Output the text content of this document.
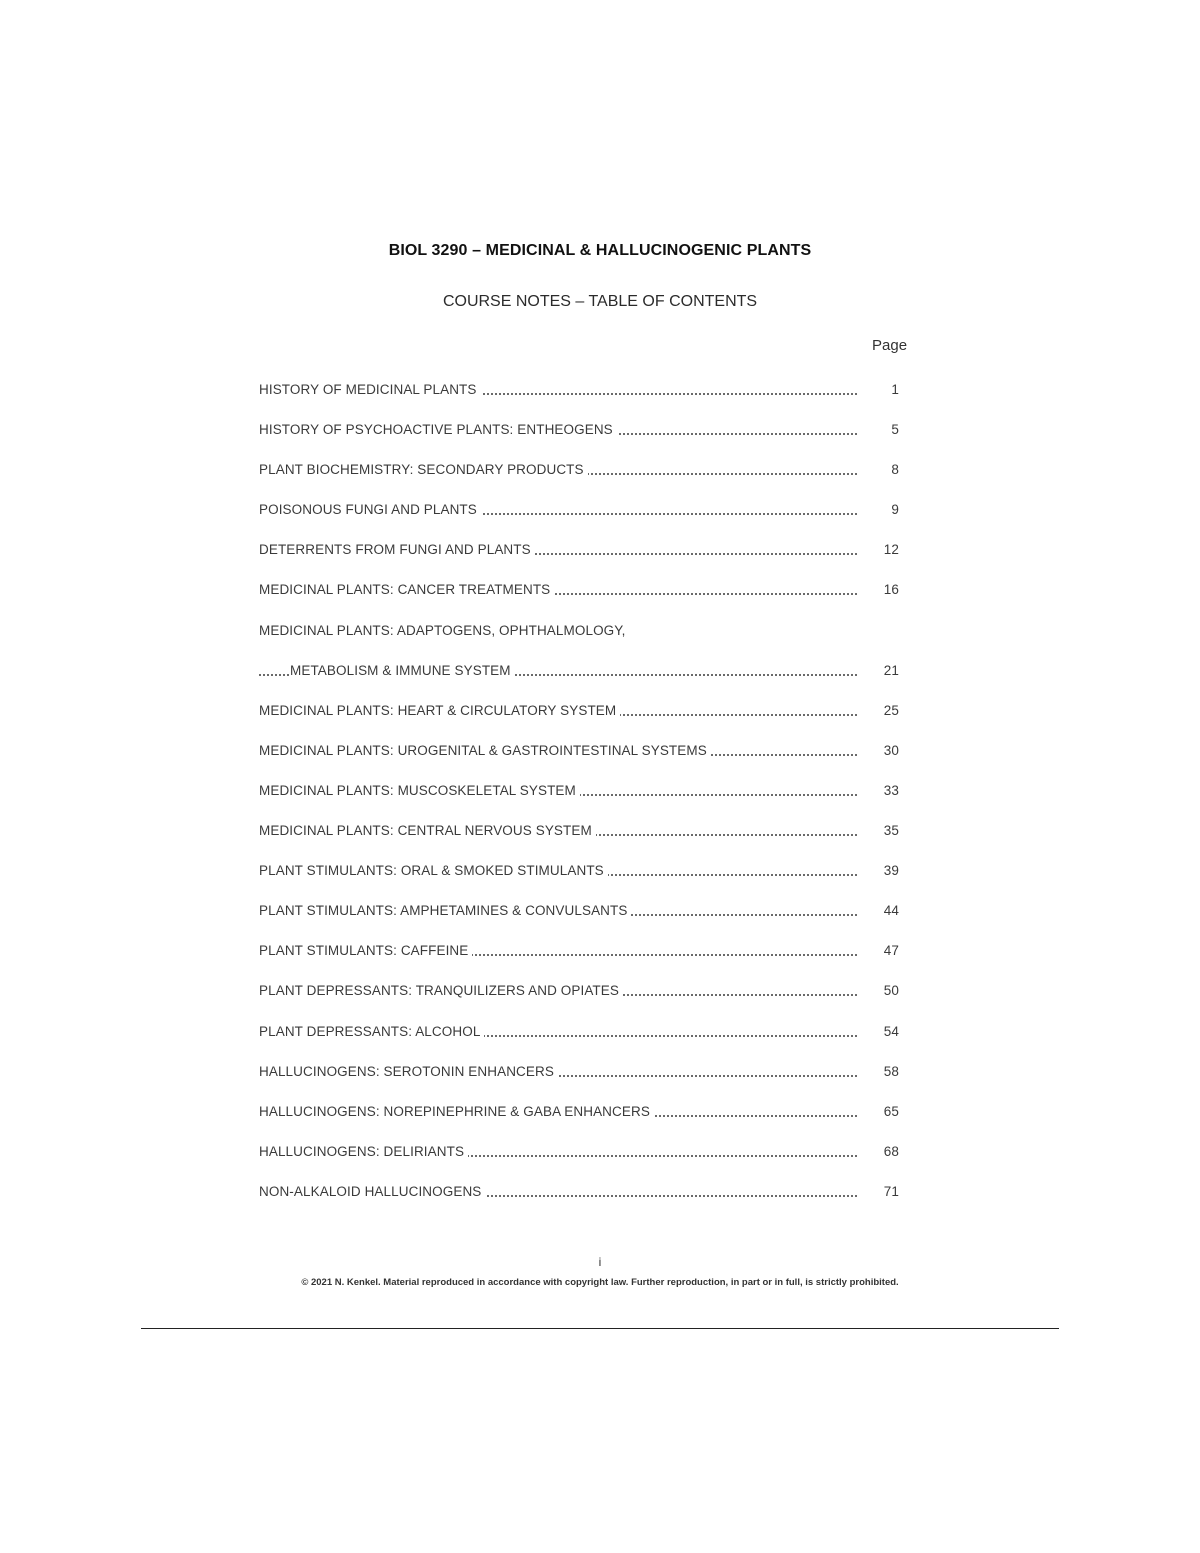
BIOL 3290 – MEDICINAL & HALLUCINOGENIC PLANTS
COURSE NOTES – TABLE OF CONTENTS
Page
HISTORY OF MEDICINAL PLANTS	1
HISTORY OF PSYCHOACTIVE PLANTS: ENTHEOGENS	5
PLANT BIOCHEMISTRY: SECONDARY PRODUCTS	8
POISONOUS FUNGI AND PLANTS	9
DETERRENTS FROM FUNGI AND PLANTS	12
MEDICINAL PLANTS: CANCER TREATMENTS	16
MEDICINAL PLANTS: ADAPTOGENS, OPHTHALMOLOGY,
METABOLISM & IMMUNE SYSTEM	21
MEDICINAL PLANTS: HEART & CIRCULATORY SYSTEM	25
MEDICINAL PLANTS: UROGENITAL & GASTROINTESTINAL SYSTEMS	30
MEDICINAL PLANTS: MUSCOSKELETAL SYSTEM	33
MEDICINAL PLANTS: CENTRAL NERVOUS SYSTEM	35
PLANT STIMULANTS: ORAL & SMOKED STIMULANTS	39
PLANT STIMULANTS: AMPHETAMINES & CONVULSANTS	44
PLANT STIMULANTS: CAFFEINE	47
PLANT DEPRESSANTS: TRANQUILIZERS AND OPIATES	50
PLANT DEPRESSANTS: ALCOHOL	54
HALLUCINOGENS: SEROTONIN ENHANCERS	58
HALLUCINOGENS: NOREPINEPHRINE & GABA ENHANCERS	65
HALLUCINOGENS: DELIRIANTS	68
NON-ALKALOID HALLUCINOGENS	71
i
© 2021 N. Kenkel. Material reproduced in accordance with copyright law. Further reproduction, in part or in full, is strictly prohibited.
